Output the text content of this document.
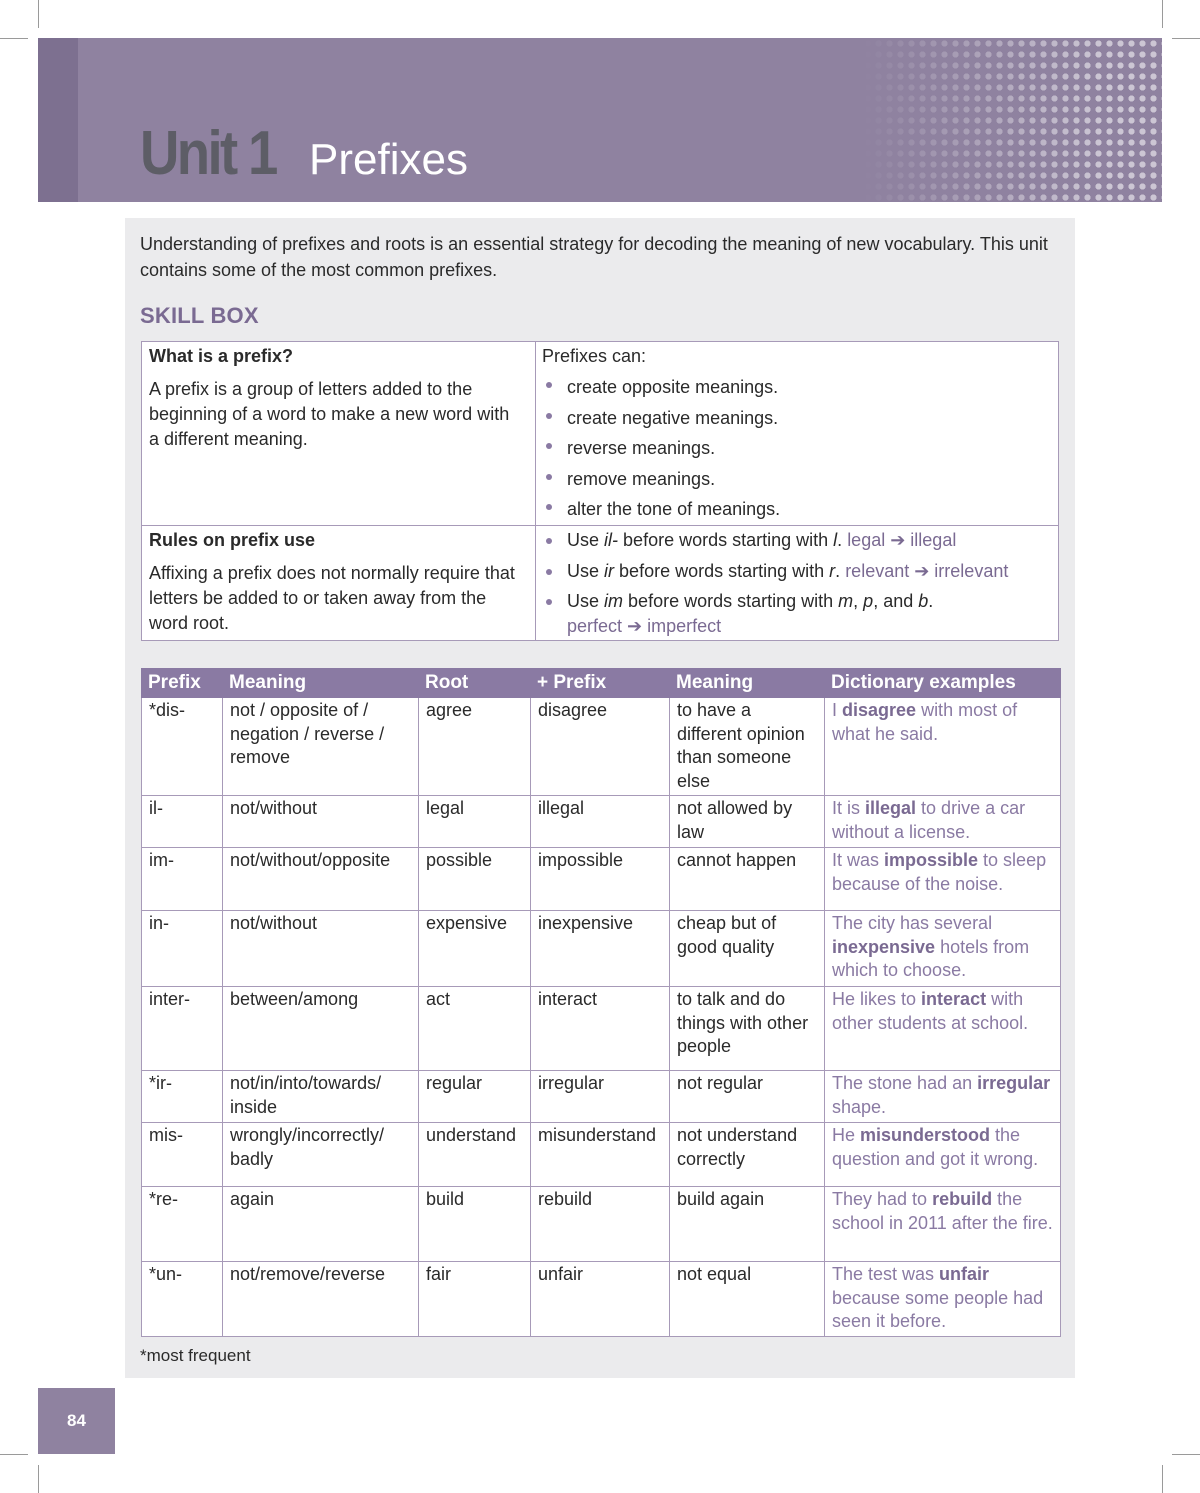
Unit 1 Prefixes

Understanding of prefixes and roots is an essential strategy for decoding the meaning of new vocabulary. This unit contains some of the most common prefixes.

SKILL BOX

What is a prefix?

A prefix is a group of letters added to the beginning of a word to make a new word with a different meaning.

Prefixes can:

create opposite meanings.
create negative meanings.
reverse meanings.
remove meanings.
alter the tone of meanings.

Rules on prefix use

Affixing a prefix does not normally require that letters be added to or taken away from the word root.

Use il- before words starting with l. legal ➔ illegal
Use ir before words starting with r. relevant ➔ irrelevant
Use im before words starting with m, p, and b.
perfect ➔ imperfect
Prefix	Meaning	Root	+ Prefix	Meaning	Dictionary examples
*dis-	not / opposite of / negation / reverse / remove	agree	disagree	to have a different opinion than someone else	I disagree with most of what he said.
il-	not/without	legal	illegal	not allowed by law	It is illegal to drive a car without a license.
im-	not/without/opposite	possible	impossible	cannot happen	It was impossible to sleep because of the noise.
in-	not/without	expensive	inexpensive	cheap but of good quality	The city has several inexpensive hotels from which to choose.
inter-	between/among	act	interact	to talk and do things with other people	He likes to interact with other students at school.
*ir-	not/in/into/towards/ inside	regular	irregular	not regular	The stone had an irregular shape.
mis-	wrongly/incorrectly/ badly	understand	misunderstand	not understand correctly	He misunderstood the question and got it wrong.
*re-	again	build	rebuild	build again	They had to rebuild the school in 2011 after the fire.
*un-	not/remove/reverse	fair	unfair	not equal	The test was unfair because some people had seen it before.

*most frequent

84
